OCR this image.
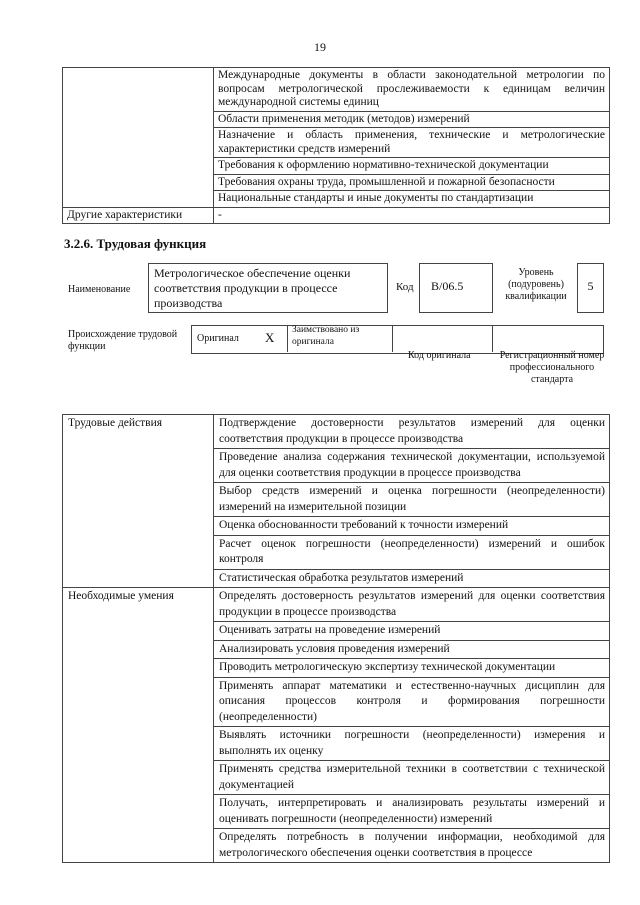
19
	Международные документы в области законодательной метрологии по вопросам метрологической прослеживаемости к единицам величин международной системы единиц
	Области применения методик (методов) измерений
	Назначение и область применения, технические и метрологические характеристики средств измерений
	Требования к оформлению нормативно-технической документации
	Требования охраны труда, промышленной и пожарной безопасности
	Национальные стандарты и иные документы по стандартизации
Другие характеристики	-
3.2.6. Трудовая функция
Наименование
Метрологическое обеспечение оценки соответствия продукции в процессе производства
Код	В/06.5
Уровень (подуровень) квалификации
5
Происхождение трудовой функции
Оригинал X Заимствовано из оригинала
Код оригинала	Регистрационный номер профессионального стандарта
Трудовые действия	Подтверждение достоверности результатов измерений для оценки соответствия продукции в процессе производства
	Проведение анализа содержания технической документации, используемой для оценки соответствия продукции в процессе производства
	Выбор средств измерений и оценка погрешности (неопределенности) измерений на измерительной позиции
	Оценка обоснованности требований к точности измерений
	Расчет оценок погрешности (неопределенности) измерений и ошибок контроля
	Статистическая обработка результатов измерений
Необходимые умения	Определять достоверность результатов измерений для оценки соответствия продукции в процессе производства
	Оценивать затраты на проведение измерений
	Анализировать условия проведения измерений
	Проводить метрологическую экспертизу технической документации
	Применять аппарат математики и естественно-научных дисциплин для описания процессов контроля и формирования погрешности (неопределенности)
	Выявлять источники погрешности (неопределенности) измерения и выполнять их оценку
	Применять средства измерительной техники в соответствии с технической документацией
	Получать, интерпретировать и анализировать результаты измерений и оценивать погрешности (неопределенности) измерений
	Определять потребность в получении информации, необходимой для метрологического обеспечения оценки соответствия в процессе
